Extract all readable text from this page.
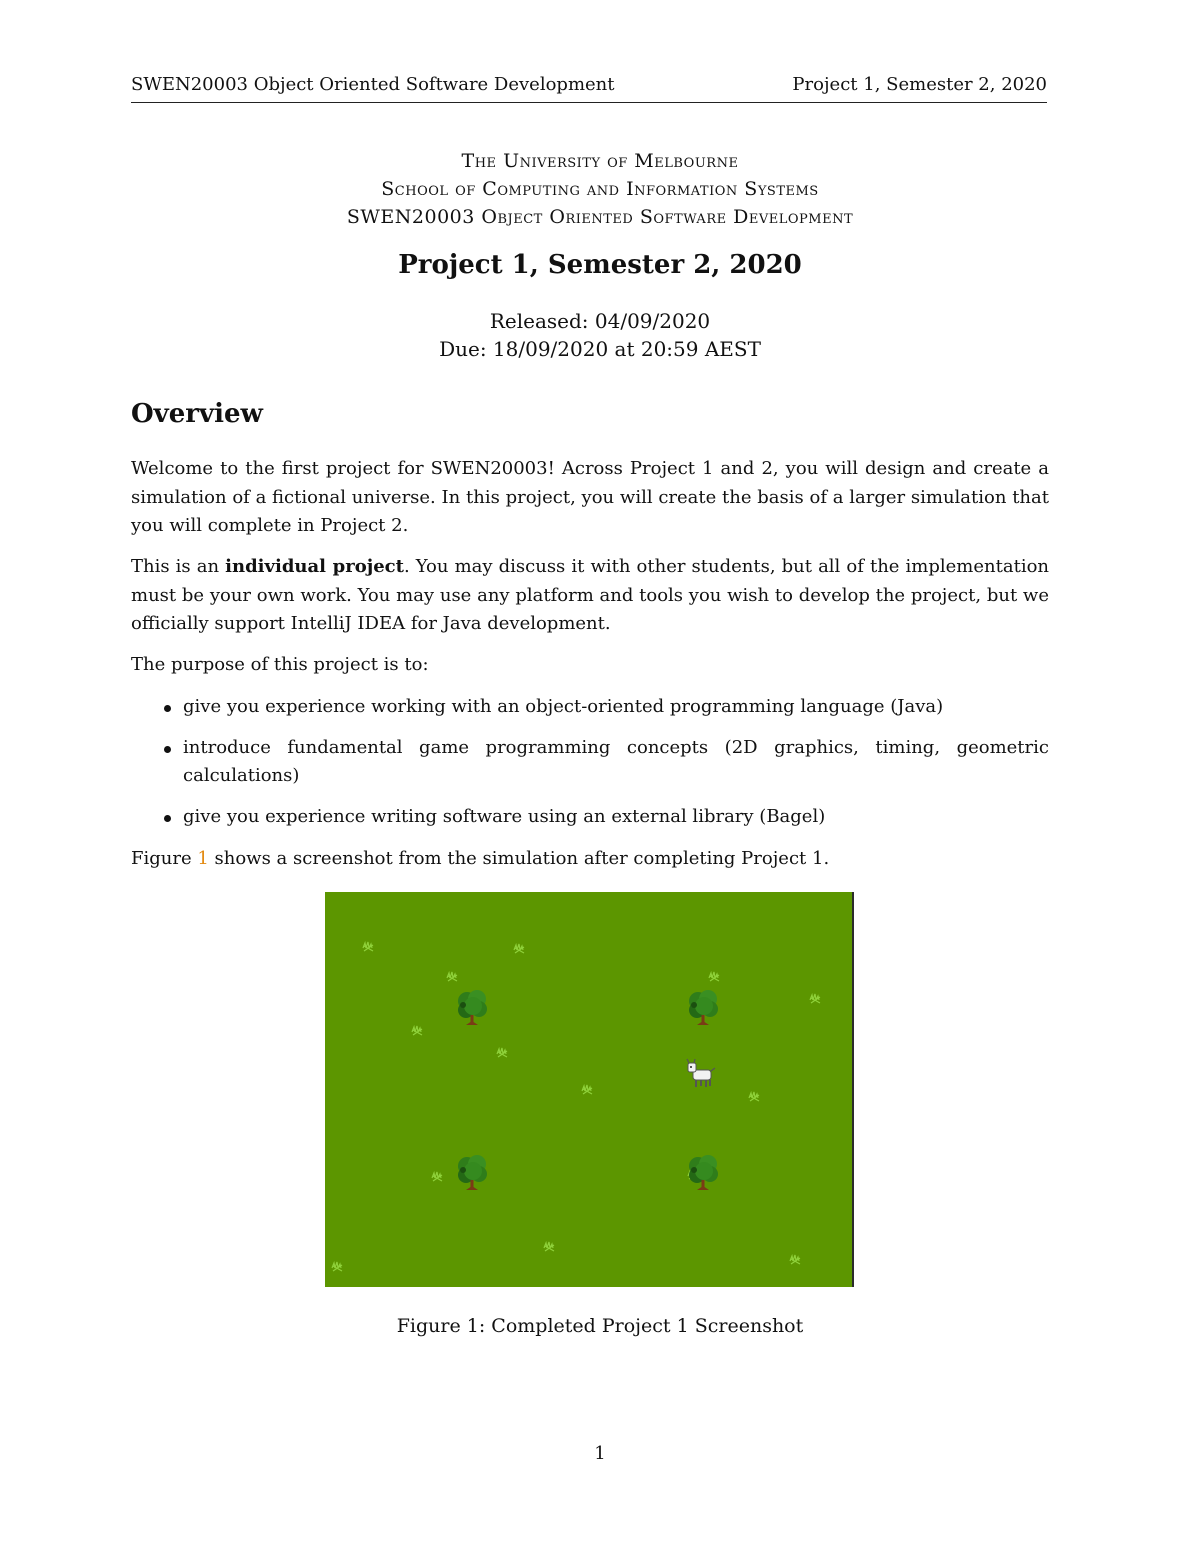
SWEN20003 Object Oriented Software Development	Project 1, Semester 2, 2020
The University of Melbourne
School of Computing and Information Systems
SWEN20003 Object Oriented Software Development
Project 1, Semester 2, 2020
Released: 04/09/2020
Due: 18/09/2020 at 20:59 AEST
Overview

Welcome to the first project for SWEN20003! Across Project 1 and 2, you will design and create a simulation of a fictional universe. In this project, you will create the basis of a larger simulation that you will complete in Project 2.

This is an individual project. You may discuss it with other students, but all of the implementation must be your own work. You may use any platform and tools you wish to develop the project, but we officially support IntelliJ IDEA for Java development.

The purpose of this project is to:

give you experience working with an object-oriented programming language (Java)
introduce fundamental game programming concepts (2D graphics, timing, geometric calculations)
give you experience writing software using an external library (Bagel)

Figure 1 shows a screenshot from the simulation after completing Project 1.

Figure 1: Completed Project 1 Screenshot
1
